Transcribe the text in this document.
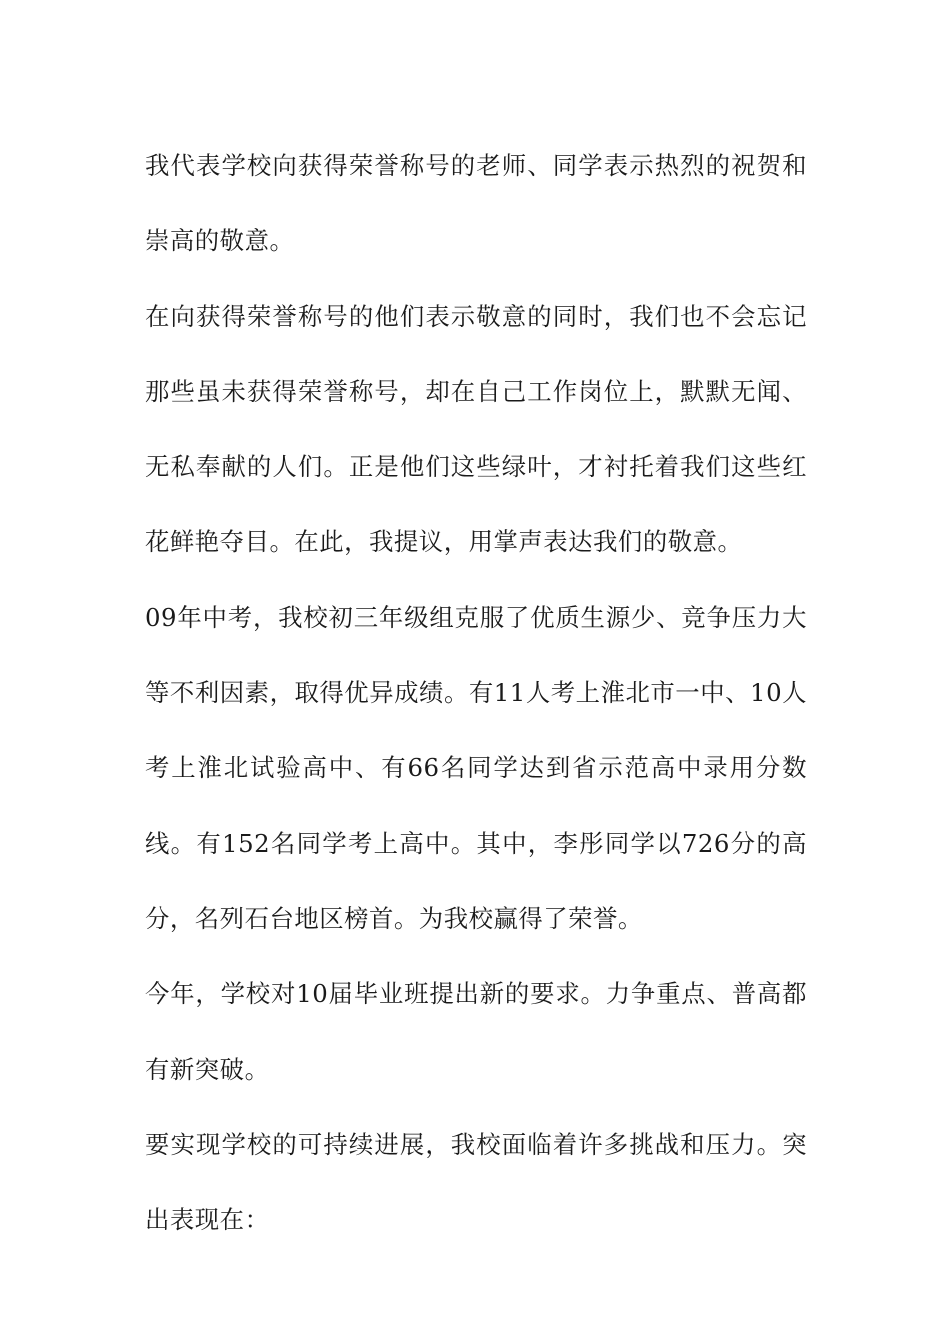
我代表学校向获得荣誉称号的老师、同学表示热烈的祝贺和崇高的敬意。

在向获得荣誉称号的他们表示敬意的同时，我们也不会忘记那些虽未获得荣誉称号，却在自己工作岗位上，默默无闻、无私奉献的人们。正是他们这些绿叶，才衬托着我们这些红花鲜艳夺目。在此，我提议，用掌声表达我们的敬意。

09年中考，我校初三年级组克服了优质生源少、竞争压力大等不利因素，取得优异成绩。有11人考上淮北市一中、10人考上淮北试验高中、有66名同学达到省示范高中录用分数线。有152名同学考上高中。其中，李彤同学以726分的高分，名列石台地区榜首。为我校赢得了荣誉。

今年，学校对10届毕业班提出新的要求。力争重点、普高都有新突破。

要实现学校的可持续进展，我校面临着许多挑战和压力。突出表现在：
